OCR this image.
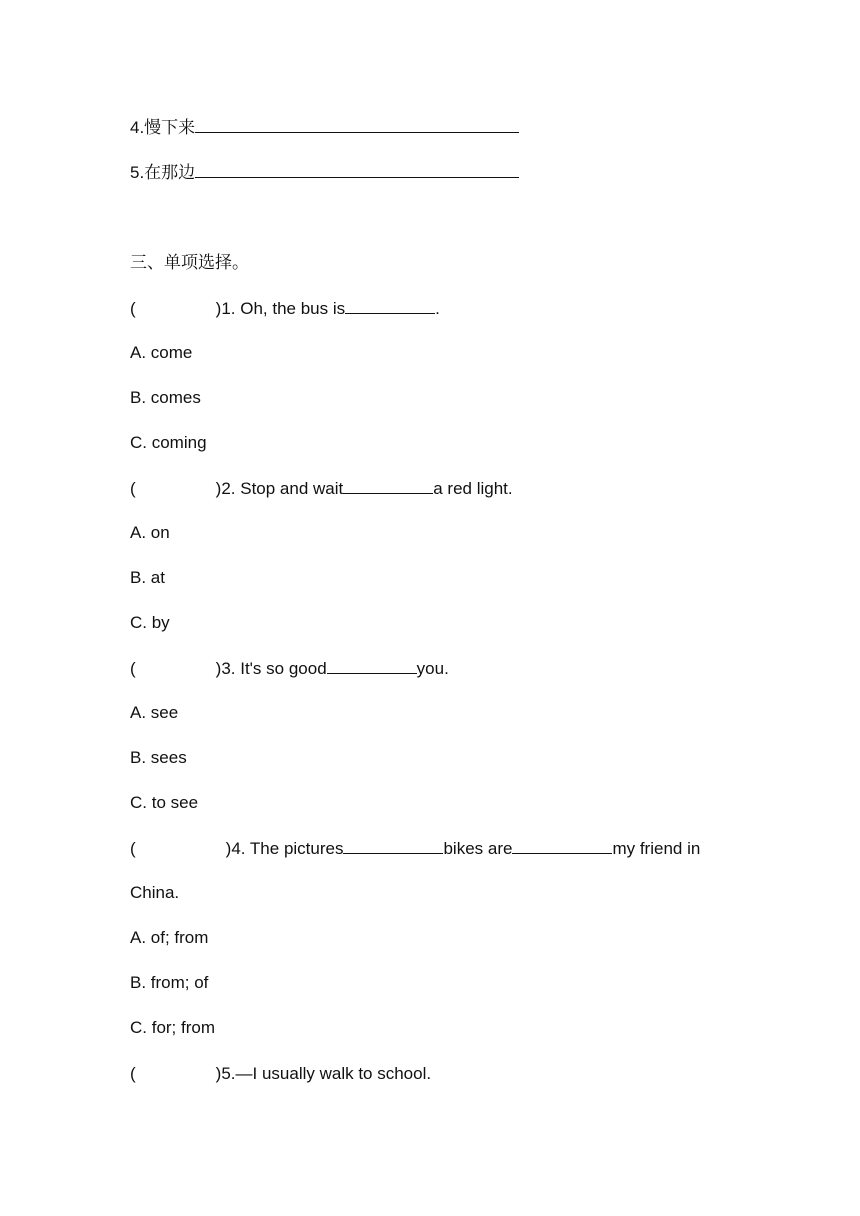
4.慢下来
5.在那边
三、单项选择。
(	)1. Oh, the bus is	.
A. come
B. comes
C. coming
(	)2. Stop and wait	a red light.
A. on
B. at
C. by
(	)3. It's so good	you.
A. see
B. sees
C. to see
(	)4. The pictures	bikes are	my friend in
China.
A. of; from
B. from; of
C. for; from
(	)5.—I usually walk to school.
